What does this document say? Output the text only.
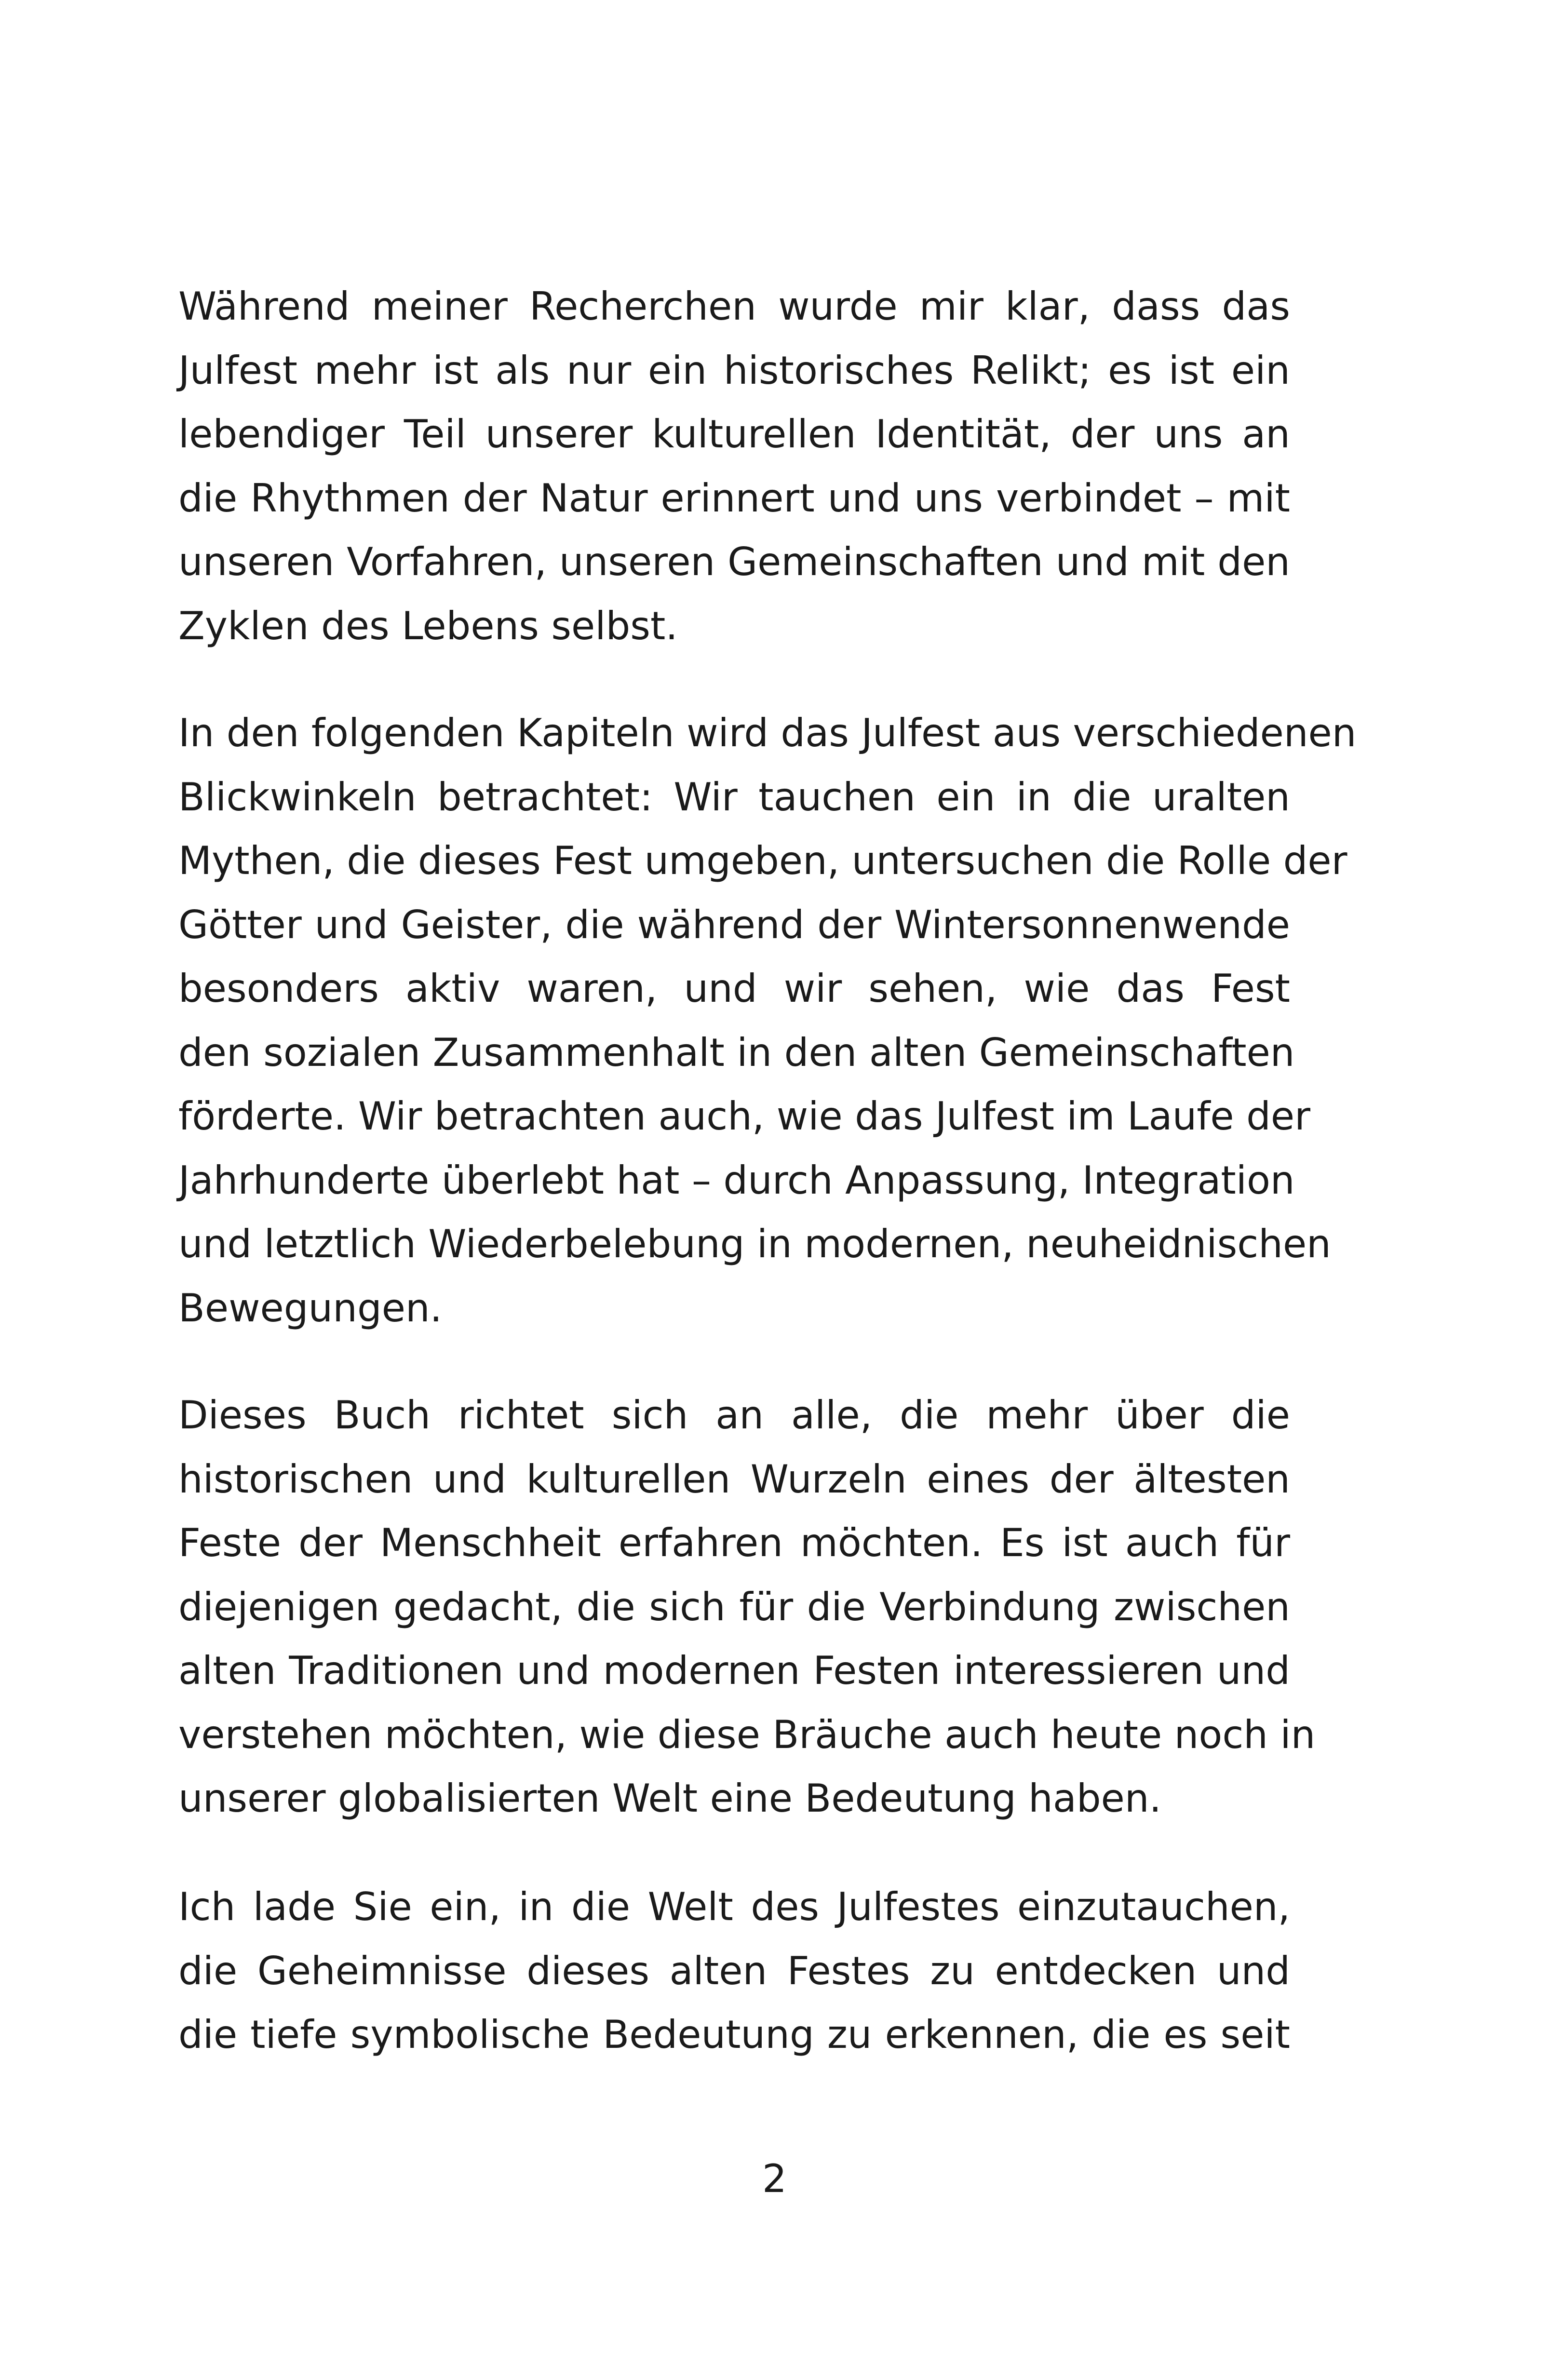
Während meiner Recherchen wurde mir klar, dass das
Julfest mehr ist als nur ein historisches Relikt; es ist ein
lebendiger Teil unserer kulturellen Identität, der uns an
die Rhythmen der Natur erinnert und uns verbindet – mit
unseren Vorfahren, unseren Gemeinschaften und mit den
Zyklen des Lebens selbst.
In den folgenden Kapiteln wird das Julfest aus verschiedenen
Blickwinkeln betrachtet: Wir tauchen ein in die uralten
Mythen, die dieses Fest umgeben, untersuchen die Rolle der
Götter und Geister, die während der Wintersonnenwende
besonders aktiv waren, und wir sehen, wie das Fest
den sozialen Zusammenhalt in den alten Gemeinschaften
förderte. Wir betrachten auch, wie das Julfest im Laufe der
Jahrhunderte überlebt hat – durch Anpassung, Integration
und letztlich Wiederbelebung in modernen, neuheidnischen
Bewegungen.
Dieses Buch richtet sich an alle, die mehr über die
historischen und kulturellen Wurzeln eines der ältesten
Feste der Menschheit erfahren möchten. Es ist auch für
diejenigen gedacht, die sich für die Verbindung zwischen
alten Traditionen und modernen Festen interessieren und
verstehen möchten, wie diese Bräuche auch heute noch in
unserer globalisierten Welt eine Bedeutung haben.
Ich lade Sie ein, in die Welt des Julfestes einzutauchen,
die Geheimnisse dieses alten Festes zu entdecken und
die tiefe symbolische Bedeutung zu erkennen, die es seit
2
